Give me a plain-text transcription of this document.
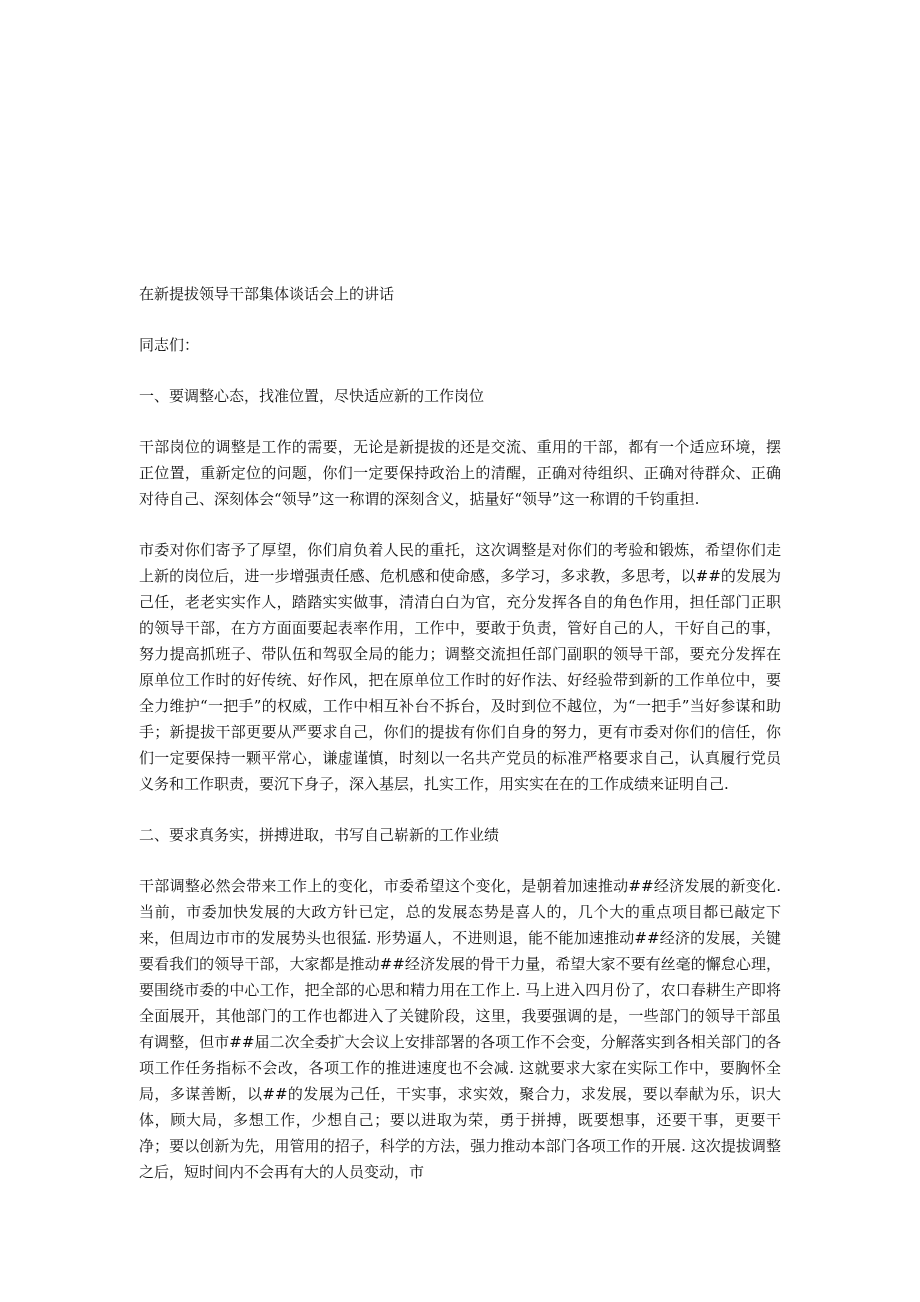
在新提拔领导干部集体谈话会上的讲话

同志们：

一、要调整心态，找准位置，尽快适应新的工作岗位

干部岗位的调整是工作的需要，无论是新提拔的还是交流、重用的干部，都有一个适应环境，摆正位置，重新定位的问题，你们一定要保持政治上的清醒，正确对待组织、正确对待群众、正确对待自己、深刻体会“领导”这一称谓的深刻含义，掂量好“领导”这一称谓的千钧重担.

市委对你们寄予了厚望，你们肩负着人民的重托，这次调整是对你们的考验和锻炼，希望你们走上新的岗位后，进一步增强责任感、危机感和使命感，多学习，多求教，多思考，以##的发展为己任，老老实实作人，踏踏实实做事，清清白白为官，充分发挥各自的角色作用，担任部门正职的领导干部，在方方面面要起表率作用，工作中，要敢于负责，管好自己的人，干好自己的事，努力提高抓班子、带队伍和驾驭全局的能力；调整交流担任部门副职的领导干部，要充分发挥在原单位工作时的好传统、好作风，把在原单位工作时的好作法、好经验带到新的工作单位中，要全力维护“一把手”的权威，工作中相互补台不拆台，及时到位不越位，为“一把手”当好参谋和助手；新提拔干部更要从严要求自己，你们的提拔有你们自身的努力，更有市委对你们的信任，你们一定要保持一颗平常心，谦虚谨慎，时刻以一名共产党员的标准严格要求自己，认真履行党员义务和工作职责，要沉下身子，深入基层，扎实工作，用实实在在的工作成绩来证明自己.

二、要求真务实，拼搏进取，书写自己崭新的工作业绩

干部调整必然会带来工作上的变化，市委希望这个变化，是朝着加速推动##经济发展的新变化. 当前，市委加快发展的大政方针已定，总的发展态势是喜人的，几个大的重点项目都已敲定下来，但周边市市的发展势头也很猛. 形势逼人，不进则退，能不能加速推动##经济的发展，关键要看我们的领导干部，大家都是推动##经济发展的骨干力量，希望大家不要有丝毫的懈怠心理，要围绕市委的中心工作，把全部的心思和精力用在工作上. 马上进入四月份了，农口春耕生产即将全面展开，其他部门的工作也都进入了关键阶段，这里，我要强调的是，一些部门的领导干部虽有调整，但市##届二次全委扩大会议上安排部署的各项工作不会变，分解落实到各相关部门的各项工作任务指标不会改，各项工作的推进速度也不会减. 这就要求大家在实际工作中，要胸怀全局，多谋善断，以##的发展为己任，干实事，求实效，聚合力，求发展，要以奉献为乐，识大体，顾大局，多想工作，少想自己；要以进取为荣，勇于拼搏，既要想事，还要干事，更要干净；要以创新为先，用管用的招子，科学的方法，强力推动本部门各项工作的开展. 这次提拔调整之后，短时间内不会再有大的人员变动，市
